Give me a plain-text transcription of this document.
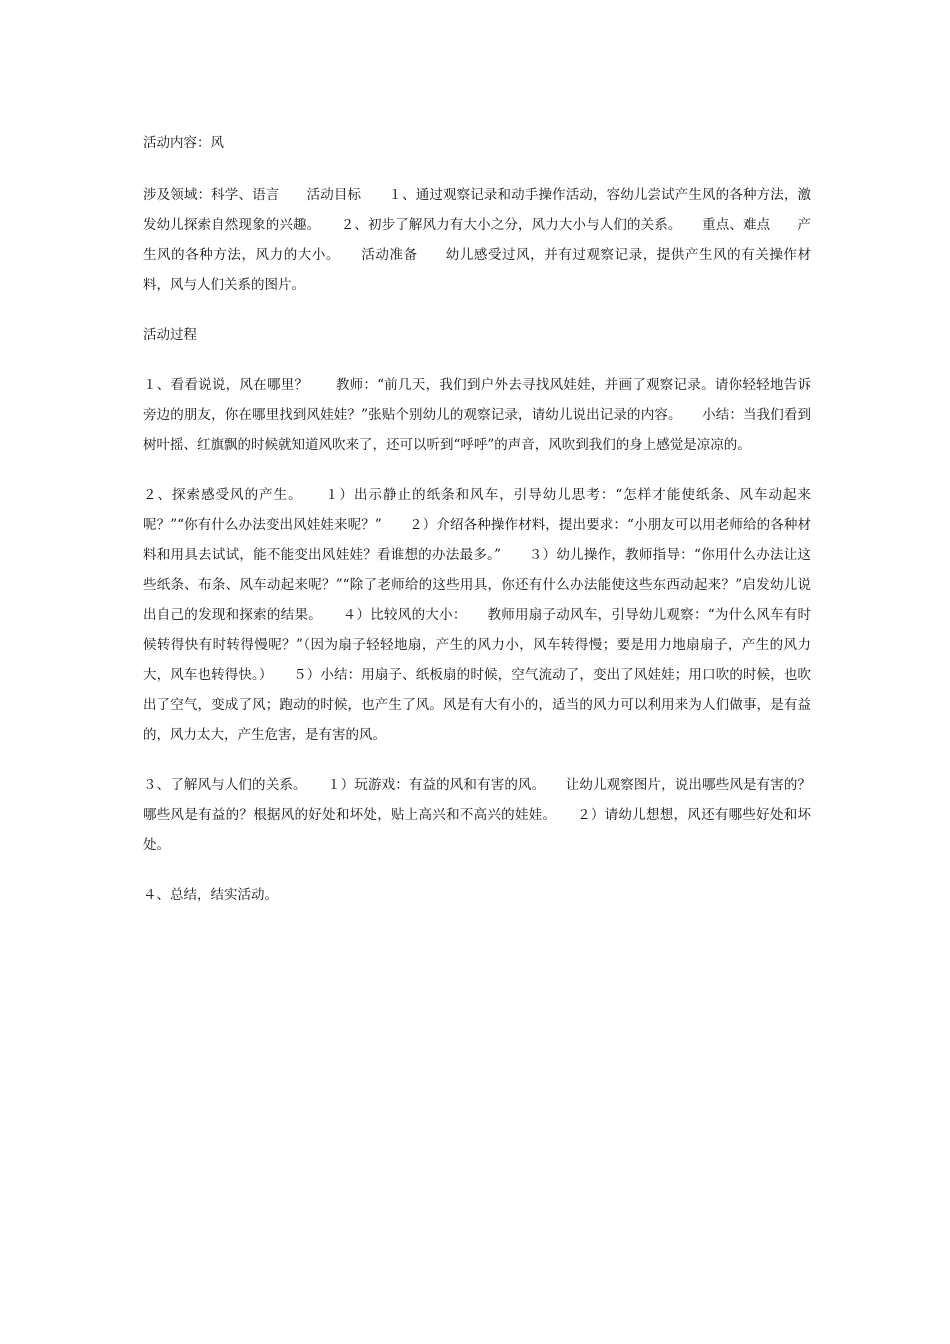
活动内容：风

涉及领域：科学、语言　　活动目标　　１、通过观察记录和动手操作活动，容幼儿尝试产生风的各种方法，激发幼儿探索自然现象的兴趣。　　２、初步了解风力有大小之分，风力大小与人们的关系。　　重点、难点　　产生风的各种方法，风力的大小。　　活动准备　　幼儿感受过风，并有过观察记录，提供产生风的有关操作材料，风与人们关系的图片。

活动过程

１、看看说说，风在哪里？　　教师：“前几天，我们到户外去寻找风娃娃，并画了观察记录。请你轻轻地告诉旁边的朋友，你在哪里找到风娃娃？”张贴个别幼儿的观察记录，请幼儿说出记录的内容。　　小结：当我们看到树叶摇、红旗飘的时候就知道风吹来了，还可以听到“呼呼”的声音，风吹到我们的身上感觉是凉凉的。

２、探索感受风的产生。　　１）出示静止的纸条和风车，引导幼儿思考：“怎样才能使纸条、风车动起来呢？”“你有什么办法变出风娃娃来呢？”　　２）介绍各种操作材料，提出要求：“小朋友可以用老师给的各种材料和用具去试试，能不能变出风娃娃？看谁想的办法最多。”　　３）幼儿操作，教师指导：“你用什么办法让这些纸条、布条、风车动起来呢？”“除了老师给的这些用具，你还有什么办法能使这些东西动起来？”启发幼儿说出自己的发现和探索的结果。　　４）比较风的大小：　　教师用扇子动风车，引导幼儿观察：“为什么风车有时候转得快有时转得慢呢？”（因为扇子轻轻地扇，产生的风力小，风车转得慢；要是用力地扇扇子，产生的风力大，风车也转得快。）　　５）小结：用扇子、纸板扇的时候，空气流动了，变出了风娃娃；用口吹的时候，也吹出了空气，变成了风；跑动的时候，也产生了风。风是有大有小的，适当的风力可以利用来为人们做事，是有益的，风力太大，产生危害，是有害的风。

３、了解风与人们的关系。　　１）玩游戏：有益的风和有害的风。　　让幼儿观察图片，说出哪些风是有害的？哪些风是有益的？根据风的好处和坏处，贴上高兴和不高兴的娃娃。　　２）请幼儿想想，风还有哪些好处和坏处。

４、总结，结实活动。
